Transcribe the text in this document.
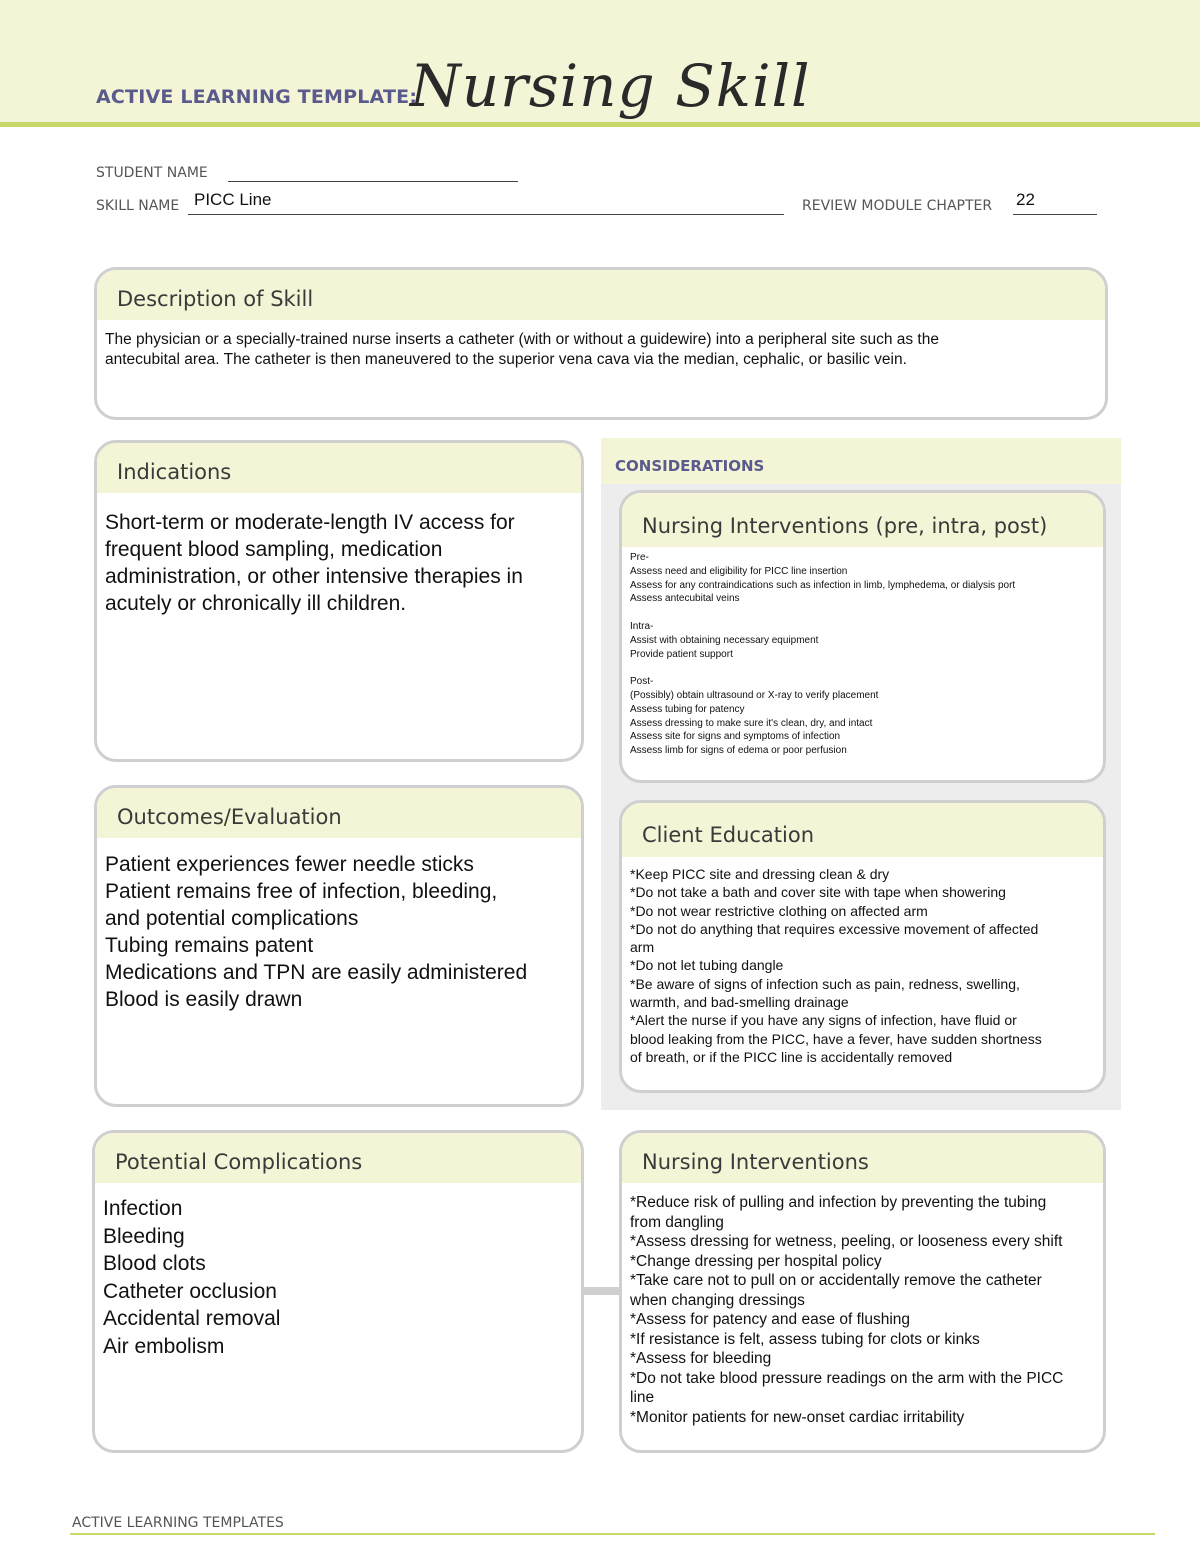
ACTIVE LEARNING TEMPLATE:
Nursing Skill
STUDENT NAME
SKILL NAME PICC Line	REVIEW MODULE CHAPTER 22
CONSIDERATIONS
Description of Skill
The physician or a specially-trained nurse inserts a catheter (with or without a guidewire) into a peripheral site such as the
antecubital area. The catheter is then maneuvered to the superior vena cava via the median, cephalic, or basilic vein.
Indications
Short-term or moderate-length IV access for
frequent blood sampling, medication
administration, or other intensive therapies in
acutely or chronically ill children.
Nursing Interventions (pre, intra, post)
Pre-
Assess need and eligibility for PICC line insertion
Assess for any contraindications such as infection in limb, lymphedema, or dialysis port
Assess antecubital veins
Intra-
Assist with obtaining necessary equipment
Provide patient support
Post-
(Possibly) obtain ultrasound or X-ray to verify placement
Assess tubing for patency
Assess dressing to make sure it's clean, dry, and intact
Assess site for signs and symptoms of infection
Assess limb for signs of edema or poor perfusion
Outcomes/Evaluation
Patient experiences fewer needle sticks
Patient remains free of infection, bleeding,
and potential complications
Tubing remains patent
Medications and TPN are easily administered
Blood is easily drawn
Client Education
*Keep PICC site and dressing clean & dry
*Do not take a bath and cover site with tape when showering
*Do not wear restrictive clothing on affected arm
*Do not do anything that requires excessive movement of affected
arm
*Do not let tubing dangle
*Be aware of signs of infection such as pain, redness, swelling,
warmth, and bad-smelling drainage
*Alert the nurse if you have any signs of infection, have fluid or
blood leaking from the PICC, have a fever, have sudden shortness
of breath, or if the PICC line is accidentally removed
Potential Complications
Infection
Bleeding
Blood clots
Catheter occlusion
Accidental removal
Air embolism
Nursing Interventions
*Reduce risk of pulling and infection by preventing the tubing
from dangling
*Assess dressing for wetness, peeling, or looseness every shift
*Change dressing per hospital policy
*Take care not to pull on or accidentally remove the catheter
when changing dressings
*Assess for patency and ease of flushing
*If resistance is felt, assess tubing for clots or kinks
*Assess for bleeding
*Do not take blood pressure readings on the arm with the PICC
line
*Monitor patients for new-onset cardiac irritability
ACTIVE LEARNING TEMPLATES
